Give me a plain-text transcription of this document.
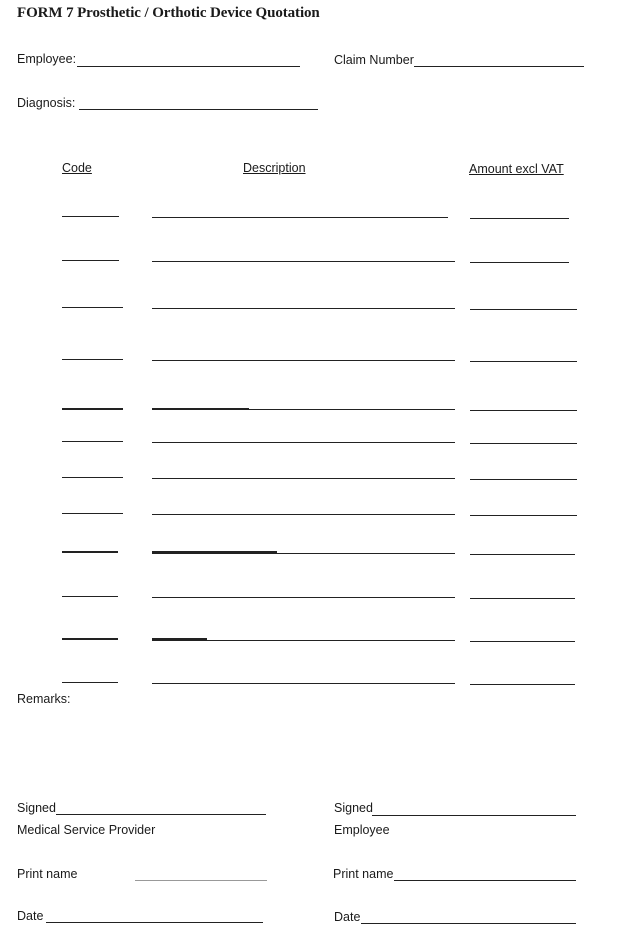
FORM 7 Prosthetic / Orthotic Device Quotation
Employee:	Claim Number
Diagnosis:
Code	Description	Amount excl VAT
Remarks:
Signed
Medical Service Provider
Print name
Date
Signed
Employee
Print name
Date
